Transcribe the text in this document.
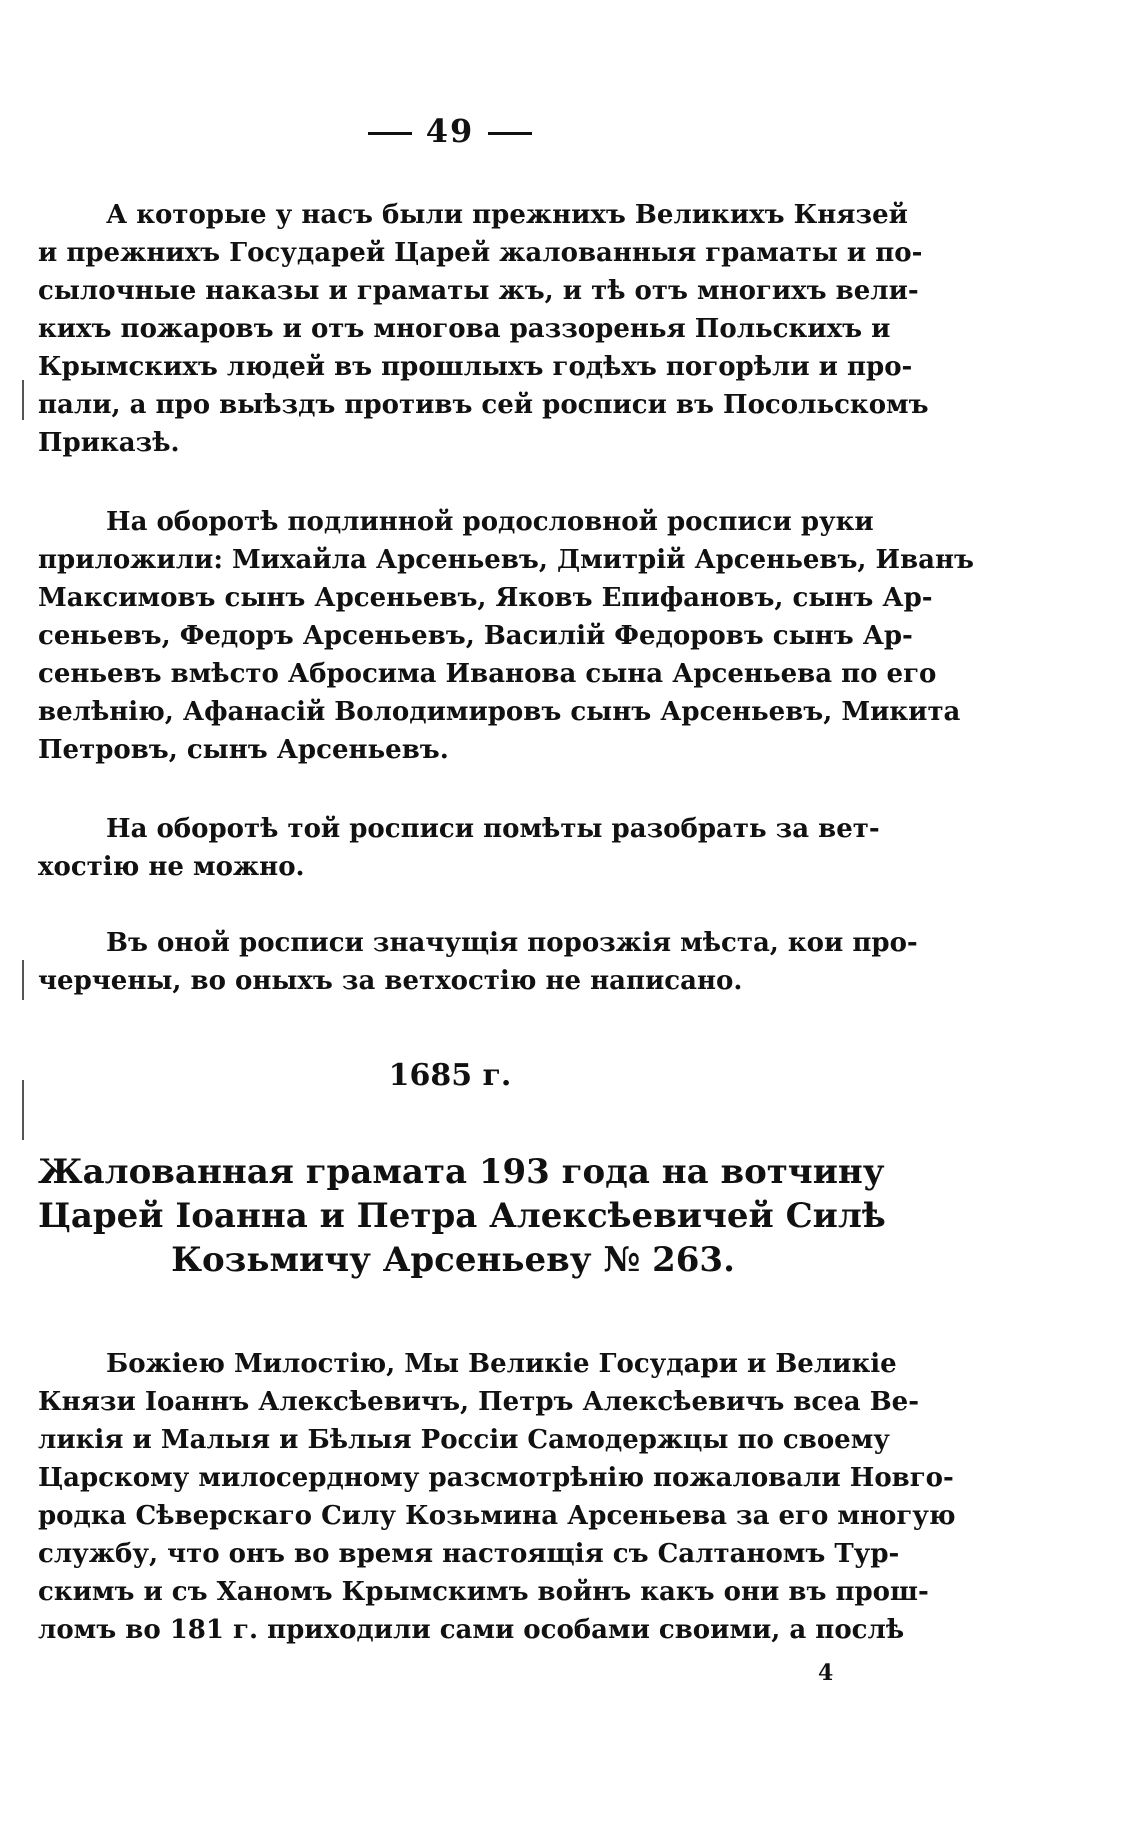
49
А которые у насъ были прежнихъ Великихъ Князей
и прежнихъ Государей Царей жалованныя граматы и по-
сылочные наказы и граматы жъ, и тѣ отъ многихъ вели-
кихъ пожаровъ и отъ многова раззоренья Польскихъ и
Крымскихъ людей въ прошлыхъ годѣхъ погорѣли и про-
пали, а про выѣздъ противъ сей росписи въ Посольскомъ
Приказѣ.
На оборотѣ подлинной родословной росписи руки
приложили: Михайла Арсеньевъ, Дмитрій Арсеньевъ, Иванъ
Максимовъ сынъ Арсеньевъ, Яковъ Епифановъ, сынъ Ар-
сеньевъ, Федоръ Арсеньевъ, Василій Федоровъ сынъ Ар-
сеньевъ вмѣсто Абросима Иванова сына Арсеньева по его
велѣнію, Афанасій Володимировъ сынъ Арсеньевъ, Микита
Петровъ, сынъ Арсеньевъ.
На оборотѣ той росписи помѣты разобрать за вет-
хостію не можно.
Въ оной росписи значущія порозжія мѣста, кои про-
черчены, во оныхъ за ветхостію не написано.
1685 г.
Жалованная грамата 193 года на вотчину
Царей Іоанна и Петра Алексѣевичей Силѣ
Козьмичу Арсеньеву № 263.
Божіею Милостію, Мы Великіе Государи и Великіе
Князи Іоаннъ Алексѣевичъ, Петръ Алексѣевичъ всеа Ве-
ликія и Малыя и Бѣлыя Россіи Самодержцы по своему
Царскому милосердному разсмотрѣнію пожаловали Новго-
родка Сѣверскаго Силу Козьмина Арсеньева за его многую
службу, что онъ во время настоящія съ Салтаномъ Тур-
скимъ и съ Ханомъ Крымскимъ войнъ какъ они въ прош-
ломъ во 181 г. приходили сами особами своими, а послѣ
4
